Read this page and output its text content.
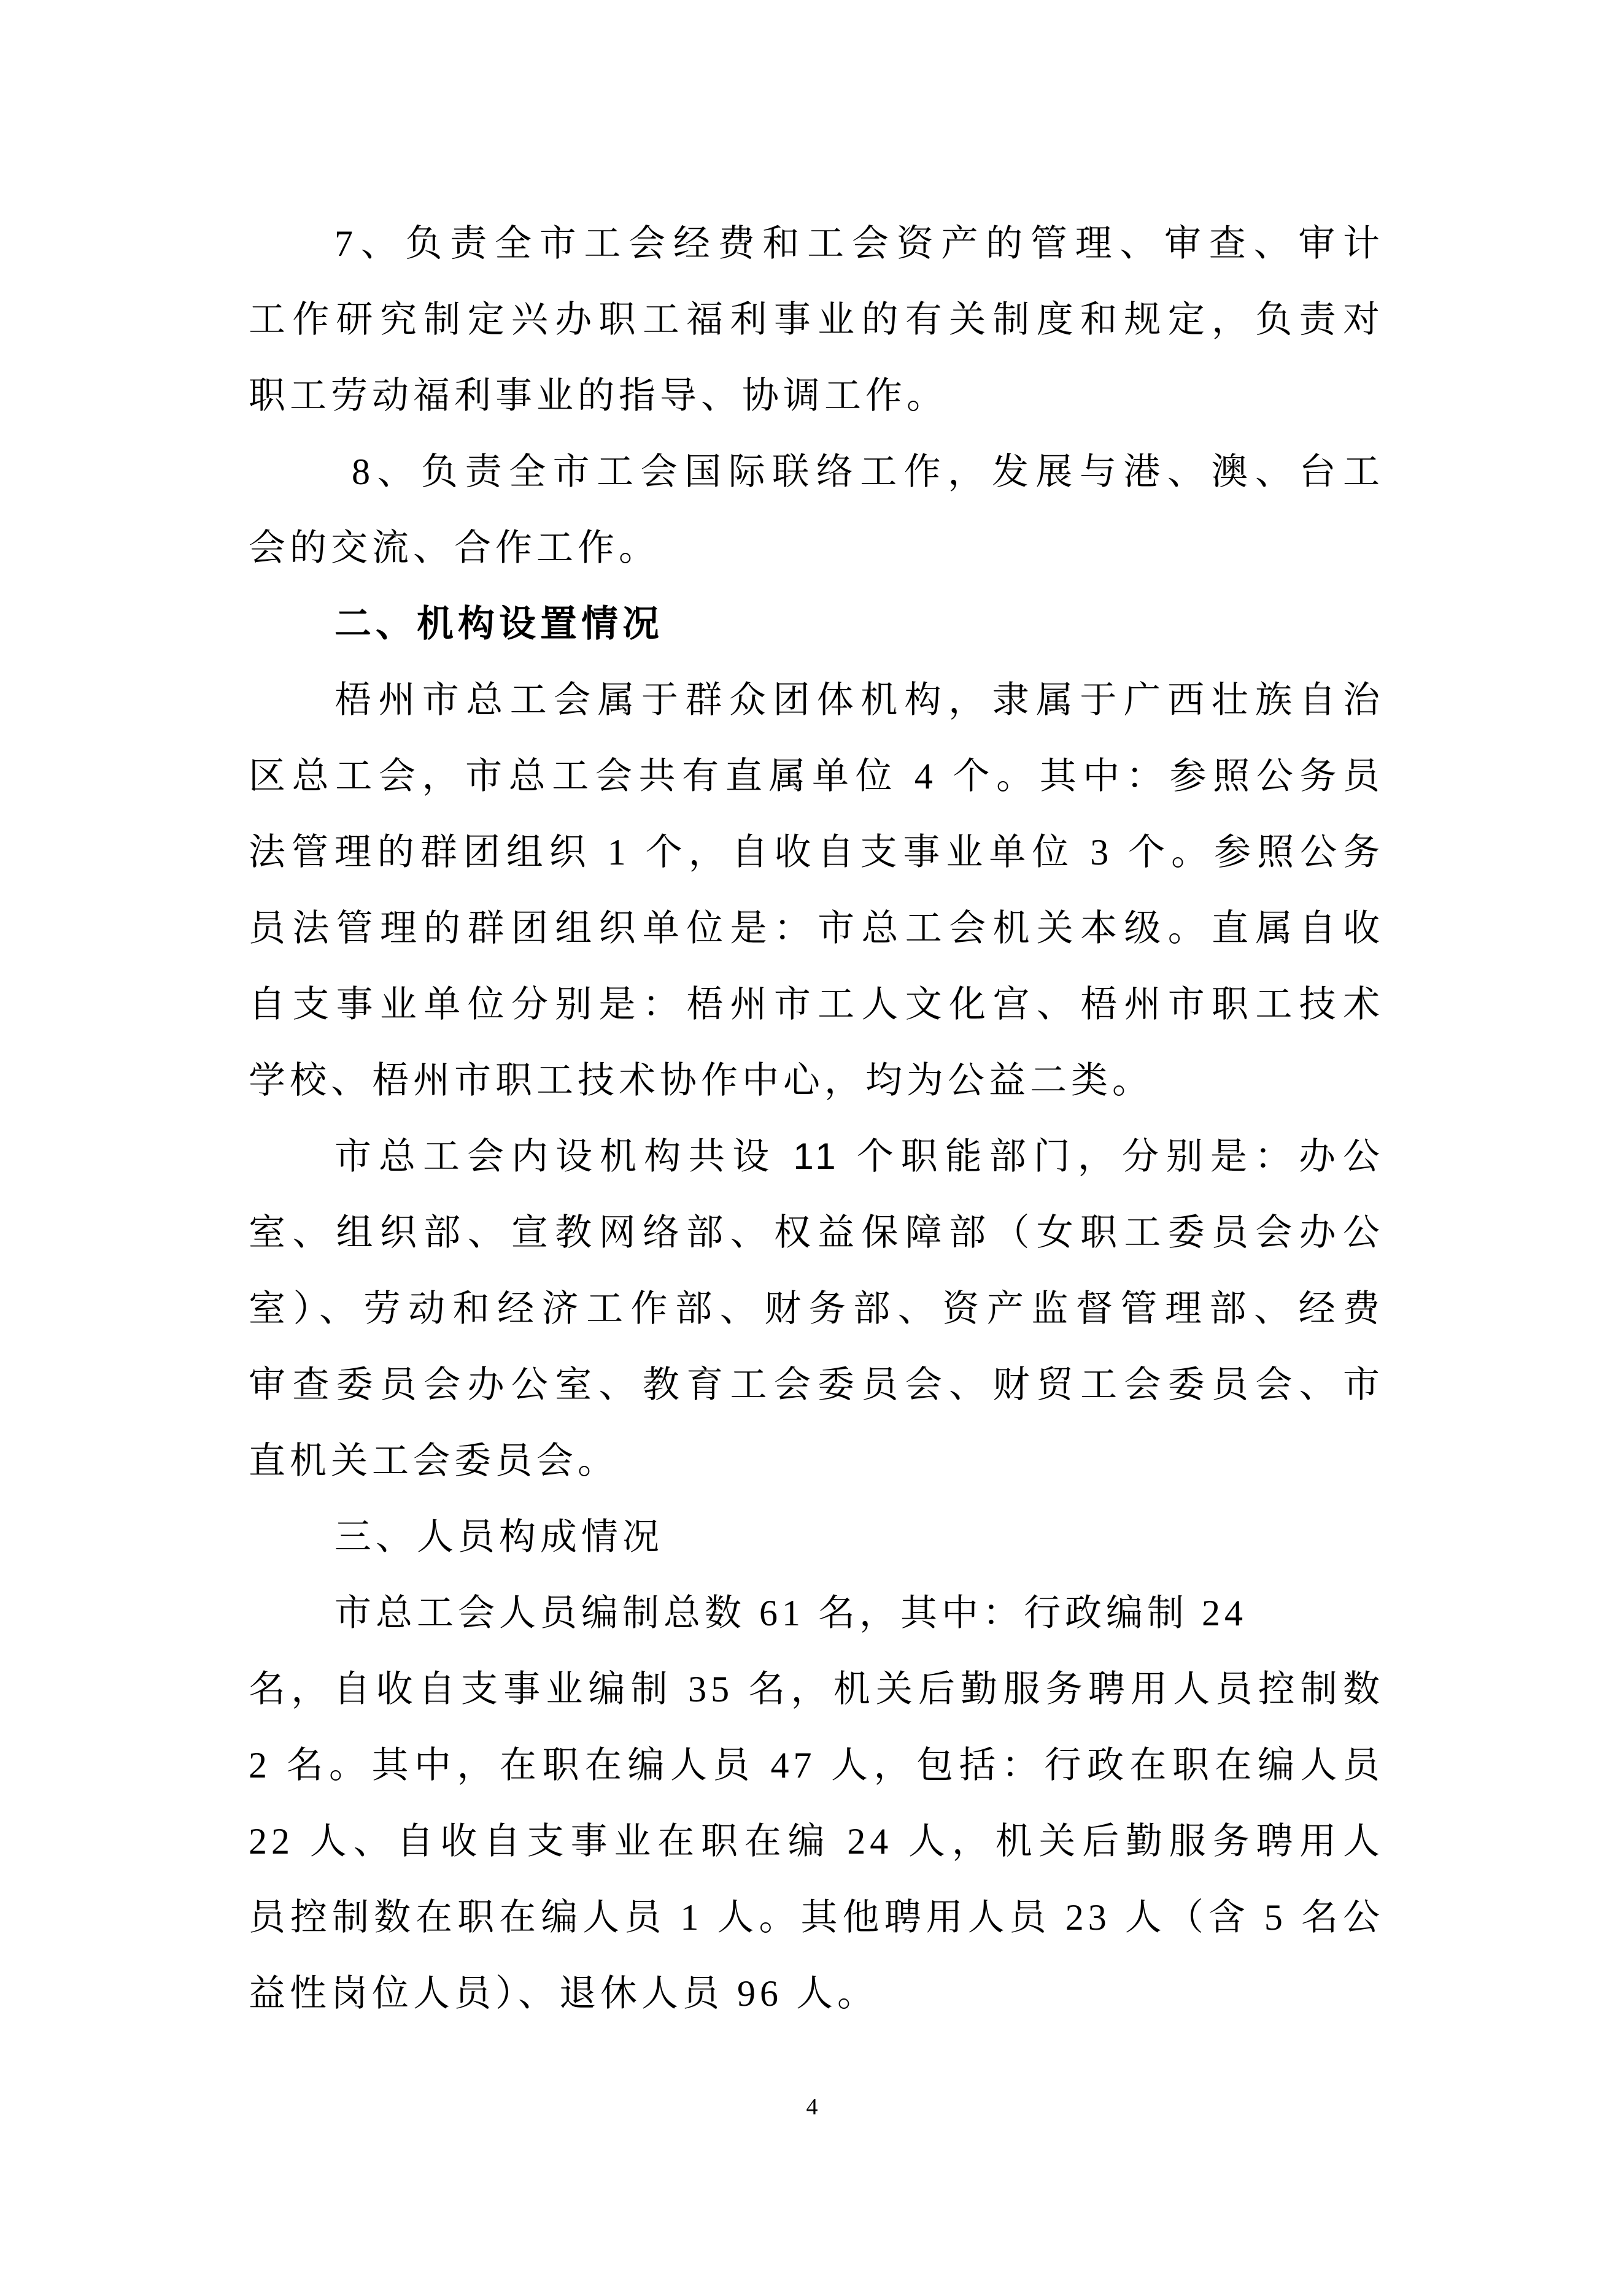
7、负责全市工会经费和工会资产的管理、审查、审计
工作研究制定兴办职工福利事业的有关制度和规定，负责对
职工劳动福利事业的指导、协调工作。
8、负责全市工会国际联络工作，发展与港、澳、台工
会的交流、合作工作。
二、机构设置情况
梧州市总工会属于群众团体机构，隶属于广西壮族自治
区总工会，市总工会共有直属单位 4 个。其中：参照公务员
法管理的群团组织 1 个，自收自支事业单位 3 个。参照公务
员法管理的群团组织单位是：市总工会机关本级。直属自收
自支事业单位分别是：梧州市工人文化宫、梧州市职工技术
学校、梧州市职工技术协作中心，均为公益二类。
市总工会内设机构共设 11 个职能部门，分别是：办公
室、组织部、宣教网络部、权益保障部（女职工委员会办公
室）、劳动和经济工作部、财务部、资产监督管理部、经费
审查委员会办公室、教育工会委员会、财贸工会委员会、市
直机关工会委员会。
三、人员构成情况
市总工会人员编制总数 61 名，其中：行政编制 24
名，自收自支事业编制 35 名，机关后勤服务聘用人员控制数
2 名。其中，在职在编人员 47 人，包括：行政在职在编人员
22 人、自收自支事业在职在编 24 人，机关后勤服务聘用人
员控制数在职在编人员 1 人。其他聘用人员 23 人（含 5 名公
益性岗位人员）、退休人员 96 人。
4
